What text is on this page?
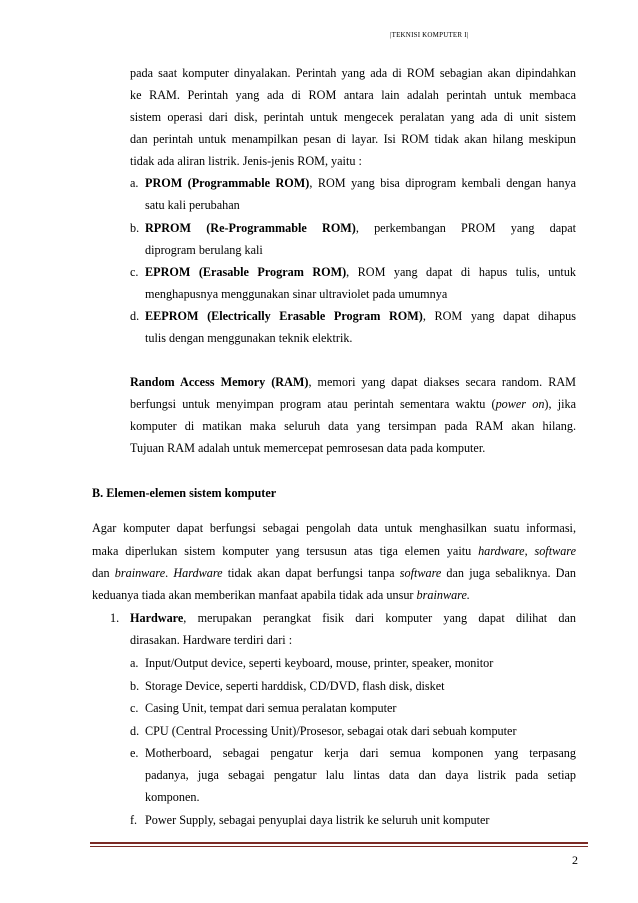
|TEKNISI KOMPUTER I|
pada saat komputer dinyalakan. Perintah yang ada di ROM sebagian akan dipindahkan
ke RAM. Perintah yang ada di ROM antara lain adalah perintah untuk membaca
sistem operasi dari disk, perintah untuk mengecek peralatan yang ada di unit sistem
dan perintah untuk menampilkan pesan di layar. Isi ROM tidak akan hilang meskipun
tidak ada aliran listrik. Jenis-jenis ROM, yaitu :
a. PROM (Programmable ROM), ROM yang bisa diprogram kembali dengan hanya
satu kali perubahan
b. RPROM (Re-Programmable ROM), perkembangan PROM yang dapat
diprogram berulang kali
c. EPROM (Erasable Program ROM), ROM yang dapat di hapus tulis, untuk
menghapusnya menggunakan sinar ultraviolet pada umumnya
d. EEPROM (Electrically Erasable Program ROM), ROM yang dapat dihapus
tulis dengan menggunakan teknik elektrik.
Random Access Memory (RAM), memori yang dapat diakses secara random. RAM
berfungsi untuk menyimpan program atau perintah sementara waktu (power on), jika
komputer di matikan maka seluruh data yang tersimpan pada RAM akan hilang.
Tujuan RAM adalah untuk memercepat pemrosesan data pada komputer.
B. Elemen-elemen sistem komputer
Agar komputer dapat berfungsi sebagai pengolah data untuk menghasilkan suatu informasi,
maka diperlukan sistem komputer yang tersusun atas tiga elemen yaitu hardware, software
dan brainware. Hardware tidak akan dapat berfungsi tanpa software dan juga sebaliknya. Dan
keduanya tiada akan memberikan manfaat apabila tidak ada unsur brainware.
1. Hardware, merupakan perangkat fisik dari komputer yang dapat dilihat dan
dirasakan. Hardware terdiri dari :
a. Input/Output device, seperti keyboard, mouse, printer, speaker, monitor
b. Storage Device, seperti harddisk, CD/DVD, flash disk, disket
c. Casing Unit, tempat dari semua peralatan komputer
d. CPU (Central Processing Unit)/Prosesor, sebagai otak dari sebuah komputer
e. Motherboard, sebagai pengatur kerja dari semua komponen yang terpasang
padanya, juga sebagai pengatur lalu lintas data dan daya listrik pada setiap
komponen.
f. Power Supply, sebagai penyuplai daya listrik ke seluruh unit komputer
2
